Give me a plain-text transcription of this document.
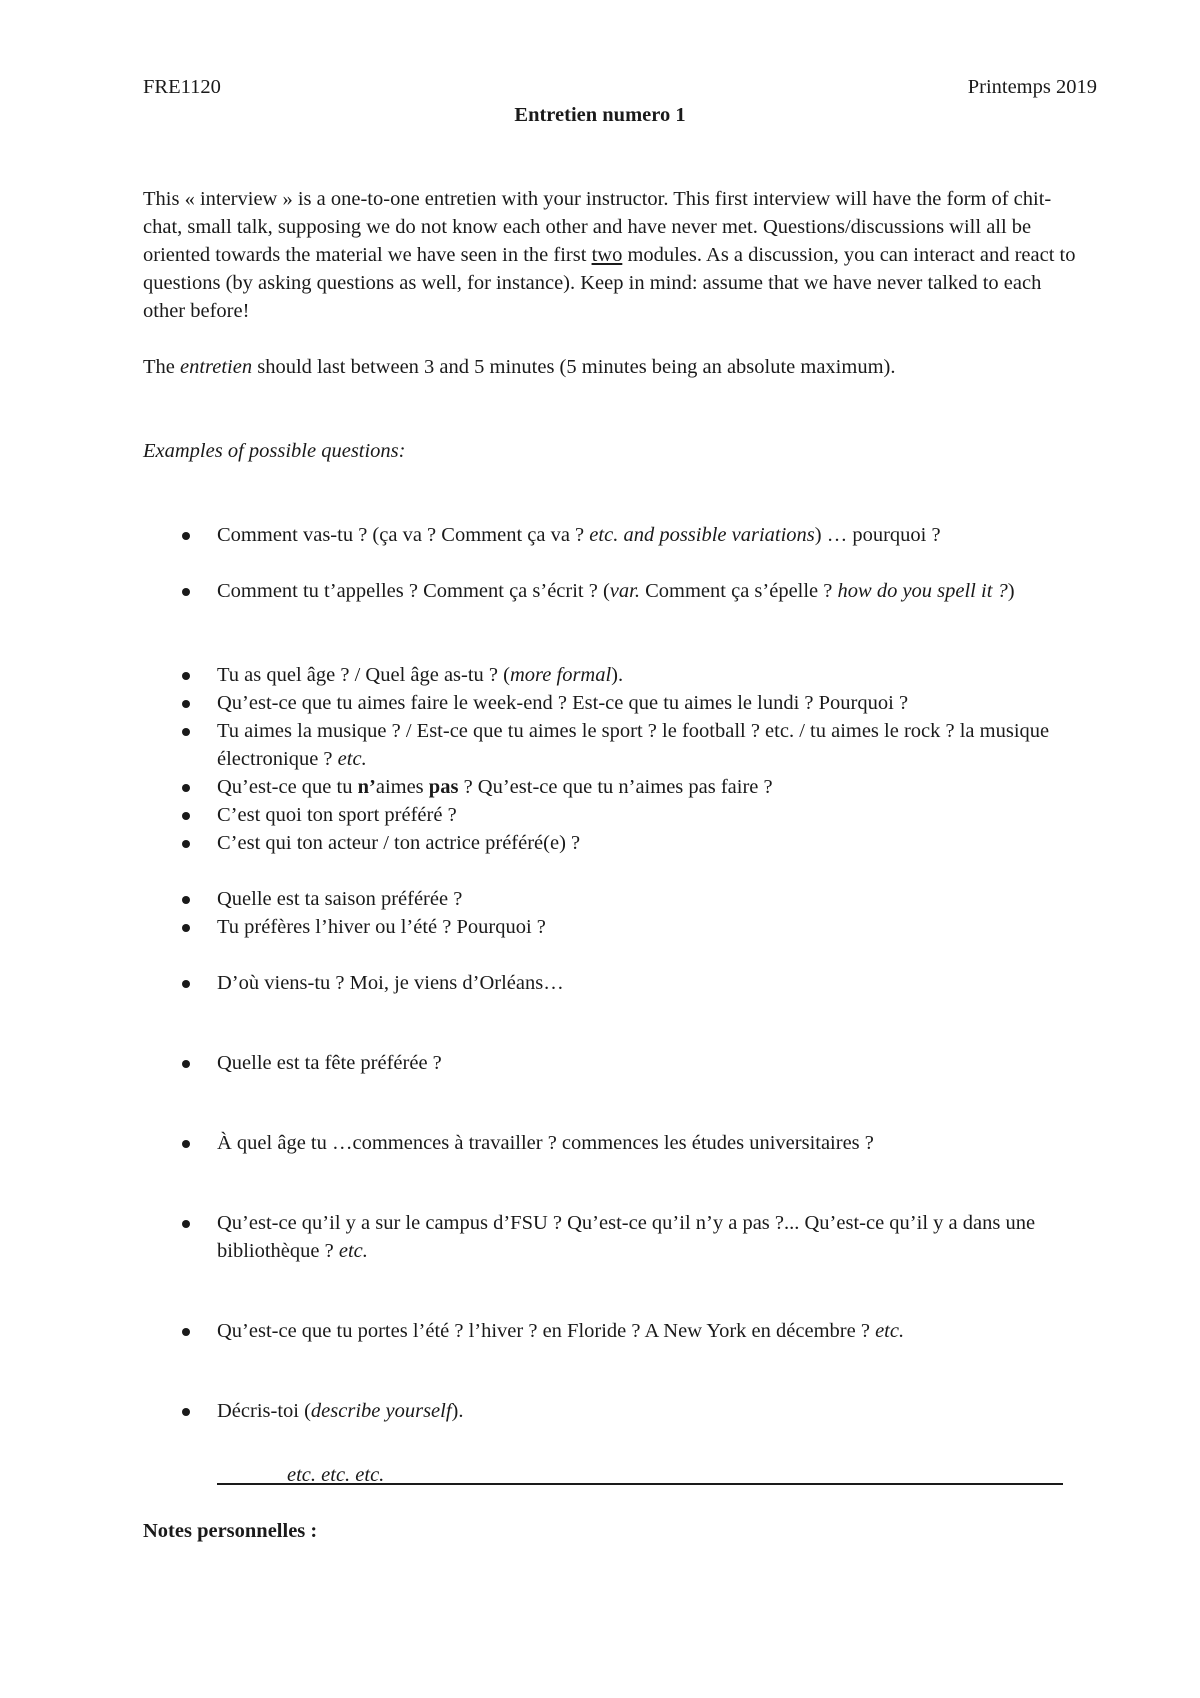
FRE1120	Printemps 2019
Entretien numero 1

This « interview » is a one-to-one entretien with your instructor. This first interview will have the form of chit-chat, small talk, supposing we do not know each other and have never met. Questions/discussions will all be oriented towards the material we have seen in the first two modules. As a discussion, you can interact and react to questions (by asking questions as well, for instance). Keep in mind: assume that we have never talked to each other before!

The entretien should last between 3 and 5 minutes (5 minutes being an absolute maximum).
Examples of possible questions:
Comment vas-tu ? (ça va ? Comment ça va ? etc. and possible variations) … pourquoi ?
Comment tu t’appelles ? Comment ça s’écrit ? (var. Comment ça s’épelle ? how do you spell it ?)
Tu as quel âge ? / Quel âge as-tu ? (more formal).
Qu’est-ce que tu aimes faire le week-end ? Est-ce que tu aimes le lundi ? Pourquoi ?
Tu aimes la musique ? / Est-ce que tu aimes le sport ? le football ? etc. / tu aimes le rock ? la musique électronique ? etc.
Qu’est-ce que tu n’aimes pas ? Qu’est-ce que tu n’aimes pas faire ?
C’est quoi ton sport préféré ?
C’est qui ton acteur / ton actrice préféré(e) ?
Quelle est ta saison préférée ?
Tu préfères l’hiver ou l’été ? Pourquoi ?
D’où viens-tu ? Moi, je viens d’Orléans…
Quelle est ta fête préférée ?
À quel âge tu …commences à travailler ? commences les études universitaires ?
Qu’est-ce qu’il y a sur le campus d’FSU ? Qu’est-ce qu’il n’y a pas ?... Qu’est-ce qu’il y a dans une bibliothèque ? etc.
Qu’est-ce que tu portes l’été ? l’hiver ? en Floride ? A New York en décembre ? etc.
Décris-toi (describe yourself).
etc. etc. etc.
Notes personnelles :
